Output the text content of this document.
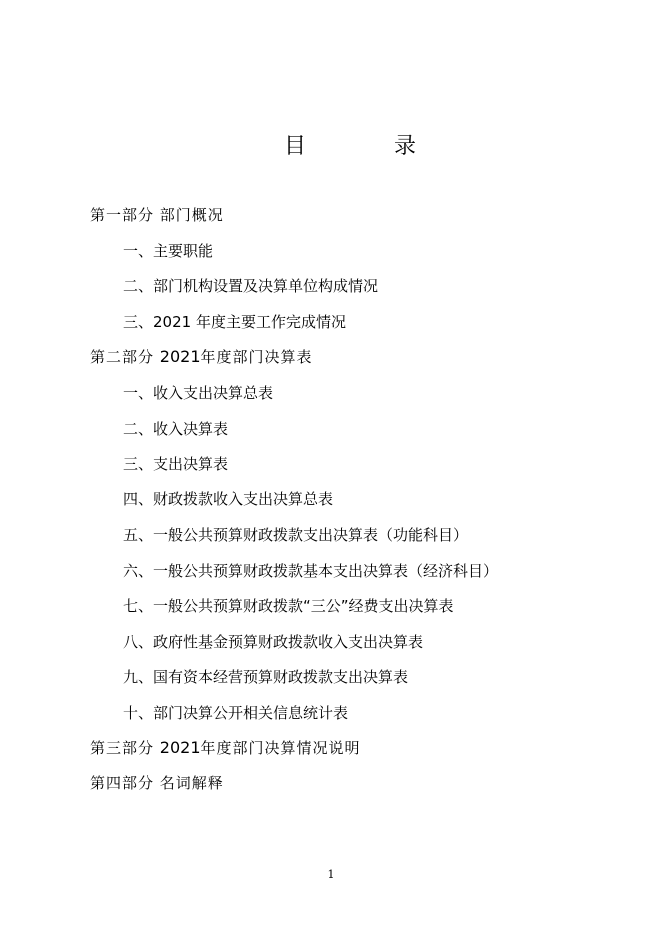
目	录
第一部分 部门概况
一、主要职能
二、部门机构设置及决算单位构成情况
三、2021 年度主要工作完成情况
第二部分 2021年度部门决算表
一、收入支出决算总表
二、收入决算表
三、支出决算表
四、财政拨款收入支出决算总表
五、一般公共预算财政拨款支出决算表（功能科目）
六、一般公共预算财政拨款基本支出决算表（经济科目）
七、一般公共预算财政拨款“三公”经费支出决算表
八、政府性基金预算财政拨款收入支出决算表
九、国有资本经营预算财政拨款支出决算表
十、部门决算公开相关信息统计表
第三部分 2021年度部门决算情况说明
第四部分 名词解释
1
